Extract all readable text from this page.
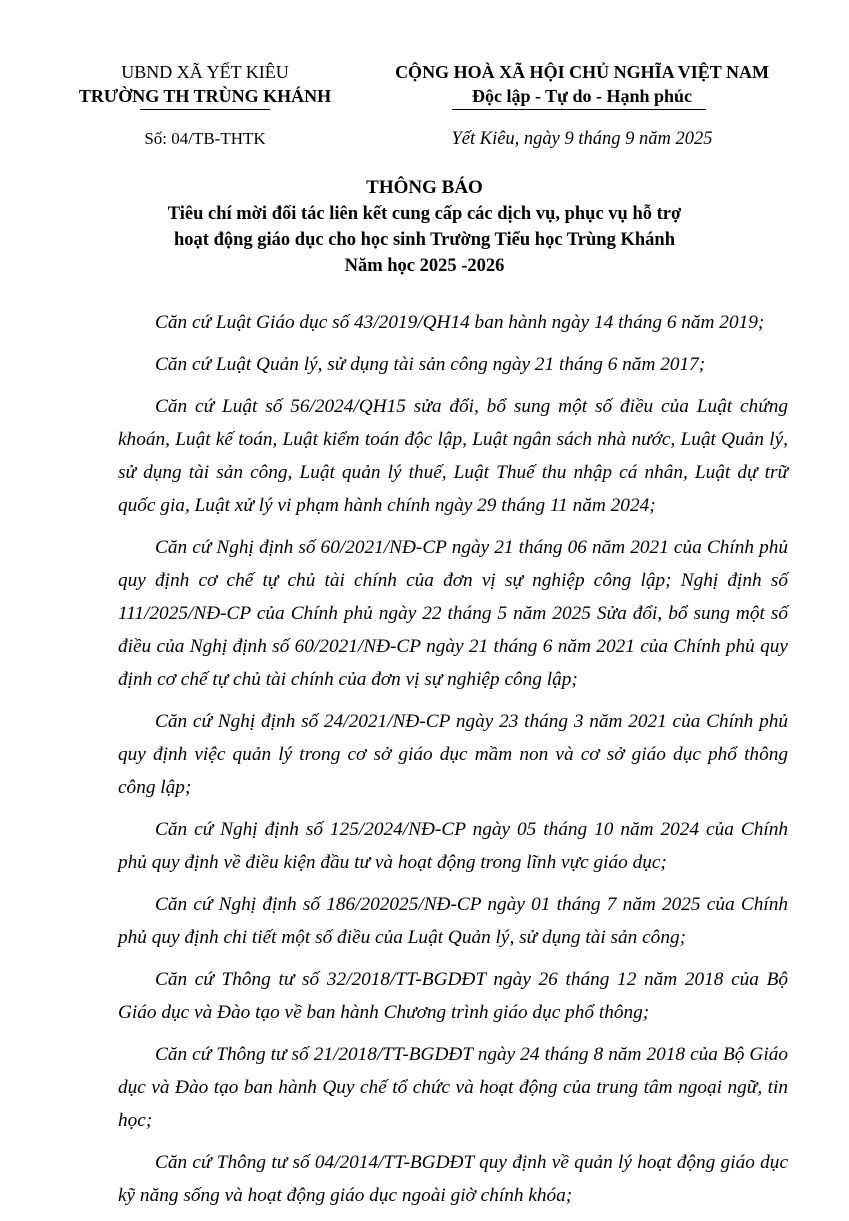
UBND XÃ YẾT KIÊU
TRƯỜNG TH TRÙNG KHÁNH
Số: 04/TB-THTK
CỘNG HOÀ XÃ HỘI CHỦ NGHĨA VIỆT NAM
Độc lập - Tự do - Hạnh phúc
Yết Kiêu, ngày 9 tháng 9 năm 2025
THÔNG BÁO
Tiêu chí mời đối tác liên kết cung cấp các dịch vụ, phục vụ hỗ trợ
hoạt động giáo dục cho học sinh Trường Tiểu học Trùng Khánh
Năm học 2025 -2026

Căn cứ Luật Giáo dục số 43/2019/QH14 ban hành ngày 14 tháng 6 năm 2019;

Căn cứ Luật Quản lý, sử dụng tài sản công ngày 21 tháng 6 năm 2017;

Căn cứ Luật số 56/2024/QH15 sửa đổi, bổ sung một số điều của Luật chứng khoán, Luật kế toán, Luật kiểm toán độc lập, Luật ngân sách nhà nước, Luật Quản lý, sử dụng tài sản công, Luật quản lý thuế, Luật Thuế thu nhập cá nhân, Luật dự trữ quốc gia, Luật xử lý vi phạm hành chính ngày 29 tháng 11 năm 2024;

Căn cứ Nghị định số 60/2021/NĐ-CP ngày 21 tháng 06 năm 2021 của Chính phủ quy định cơ chế tự chủ tài chính của đơn vị sự nghiệp công lập; Nghị định số 111/2025/NĐ-CP của Chính phủ ngày 22 tháng 5 năm 2025 Sửa đổi, bổ sung một số điều của Nghị định số 60/2021/NĐ-CP ngày 21 tháng 6 năm 2021 của Chính phủ quy định cơ chế tự chủ tài chính của đơn vị sự nghiệp công lập;

Căn cứ Nghị định số 24/2021/NĐ-CP ngày 23 tháng 3 năm 2021 của Chính phủ quy định việc quản lý trong cơ sở giáo dục mầm non và cơ sở giáo dục phổ thông công lập;

Căn cứ Nghị định số 125/2024/NĐ-CP ngày 05 tháng 10 năm 2024 của Chính phủ quy định về điều kiện đầu tư và hoạt động trong lĩnh vực giáo dục;

Căn cứ Nghị định số 186/202025/NĐ-CP ngày 01 tháng 7 năm 2025 của Chính phủ quy định chi tiết một số điều của Luật Quản lý, sử dụng tài sản công;

Căn cứ Thông tư số 32/2018/TT-BGDĐT ngày 26 tháng 12 năm 2018 của Bộ Giáo dục và Đào tạo về ban hành Chương trình giáo dục phổ thông;

Căn cứ Thông tư số 21/2018/TT-BGDĐT ngày 24 tháng 8 năm 2018 của Bộ Giáo dục và Đào tạo ban hành Quy chế tổ chức và hoạt động của trung tâm ngoại ngữ, tin học;

Căn cứ Thông tư số 04/2014/TT-BGDĐT quy định về quản lý hoạt động giáo dục kỹ năng sống và hoạt động giáo dục ngoài giờ chính khóa;
